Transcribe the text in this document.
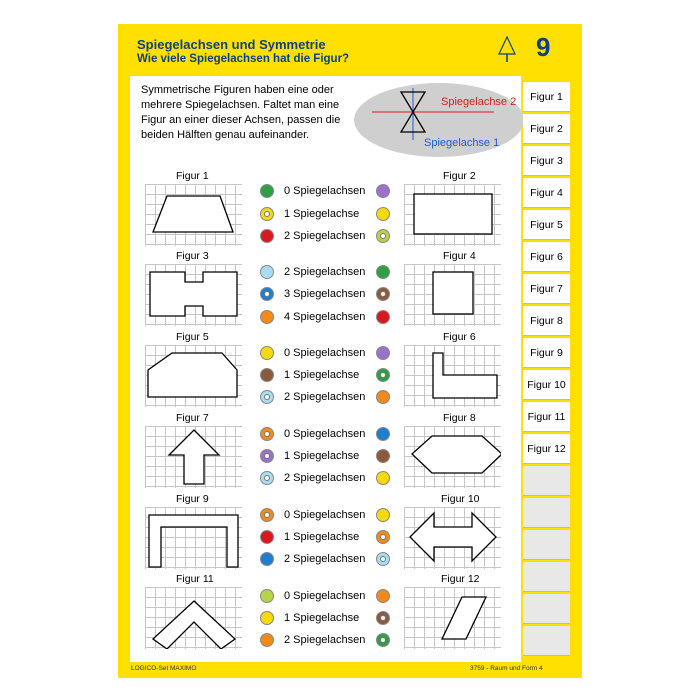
Spiegelachsen und Symmetrie
Wie viele Spiegelachsen hat die Figur?	9
Symmetrische Figuren haben eine oder mehrere Spiegelachsen. Faltet man eine Figur an einer dieser Achsen, passen die beiden Hälften genau aufeinander.
Spiegelachse 2
Spiegelachse 1
Figur 1	Figur 2
Figur 3	Figur 4
Figur 5	Figur 6
Figur 7	Figur 8
Figur 9	Figur 10
Figur 11	Figur 12
0 Spiegelachsen
1 Spiegelachse
2 Spiegelachsen
2 Spiegelachsen
3 Spiegelachsen
4 Spiegelachsen
0 Spiegelachsen
1 Spiegelachse
2 Spiegelachsen
0 Spiegelachsen
1 Spiegelachse
2 Spiegelachsen
0 Spiegelachsen
1 Spiegelachse
2 Spiegelachsen
0 Spiegelachsen
1 Spiegelachse
2 Spiegelachsen
Figur 1
Figur 2
Figur 3
Figur 4
Figur 5
Figur 6
Figur 7
Figur 8
Figur 9
Figur 10
Figur 11
Figur 12
LOGICO-Set MAXIMO	3759 - Raum und Form 4
